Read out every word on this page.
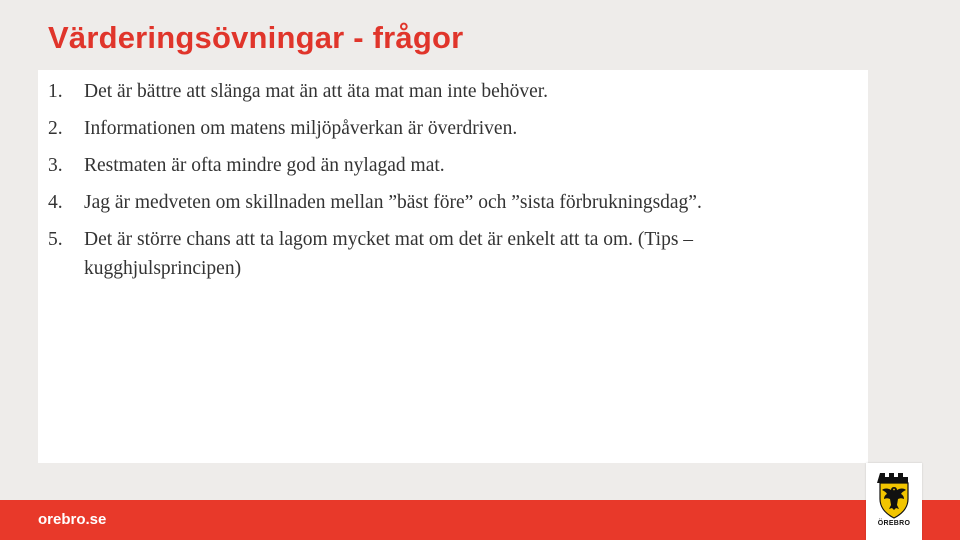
Värderingsövningar - frågor
1. Det är bättre att slänga mat än att äta mat man inte behöver.
2. Informationen om matens miljöpåverkan är överdriven.
3. Restmaten är ofta mindre god än nylagad mat.
4. Jag är medveten om skillnaden mellan ”bäst före” och ”sista förbrukningsdag”.
5. Det är större chans att ta lagom mycket mat om det är enkelt att ta om. (Tips – kugghjulsprincipen)
orebro.se	ÖREBRO
